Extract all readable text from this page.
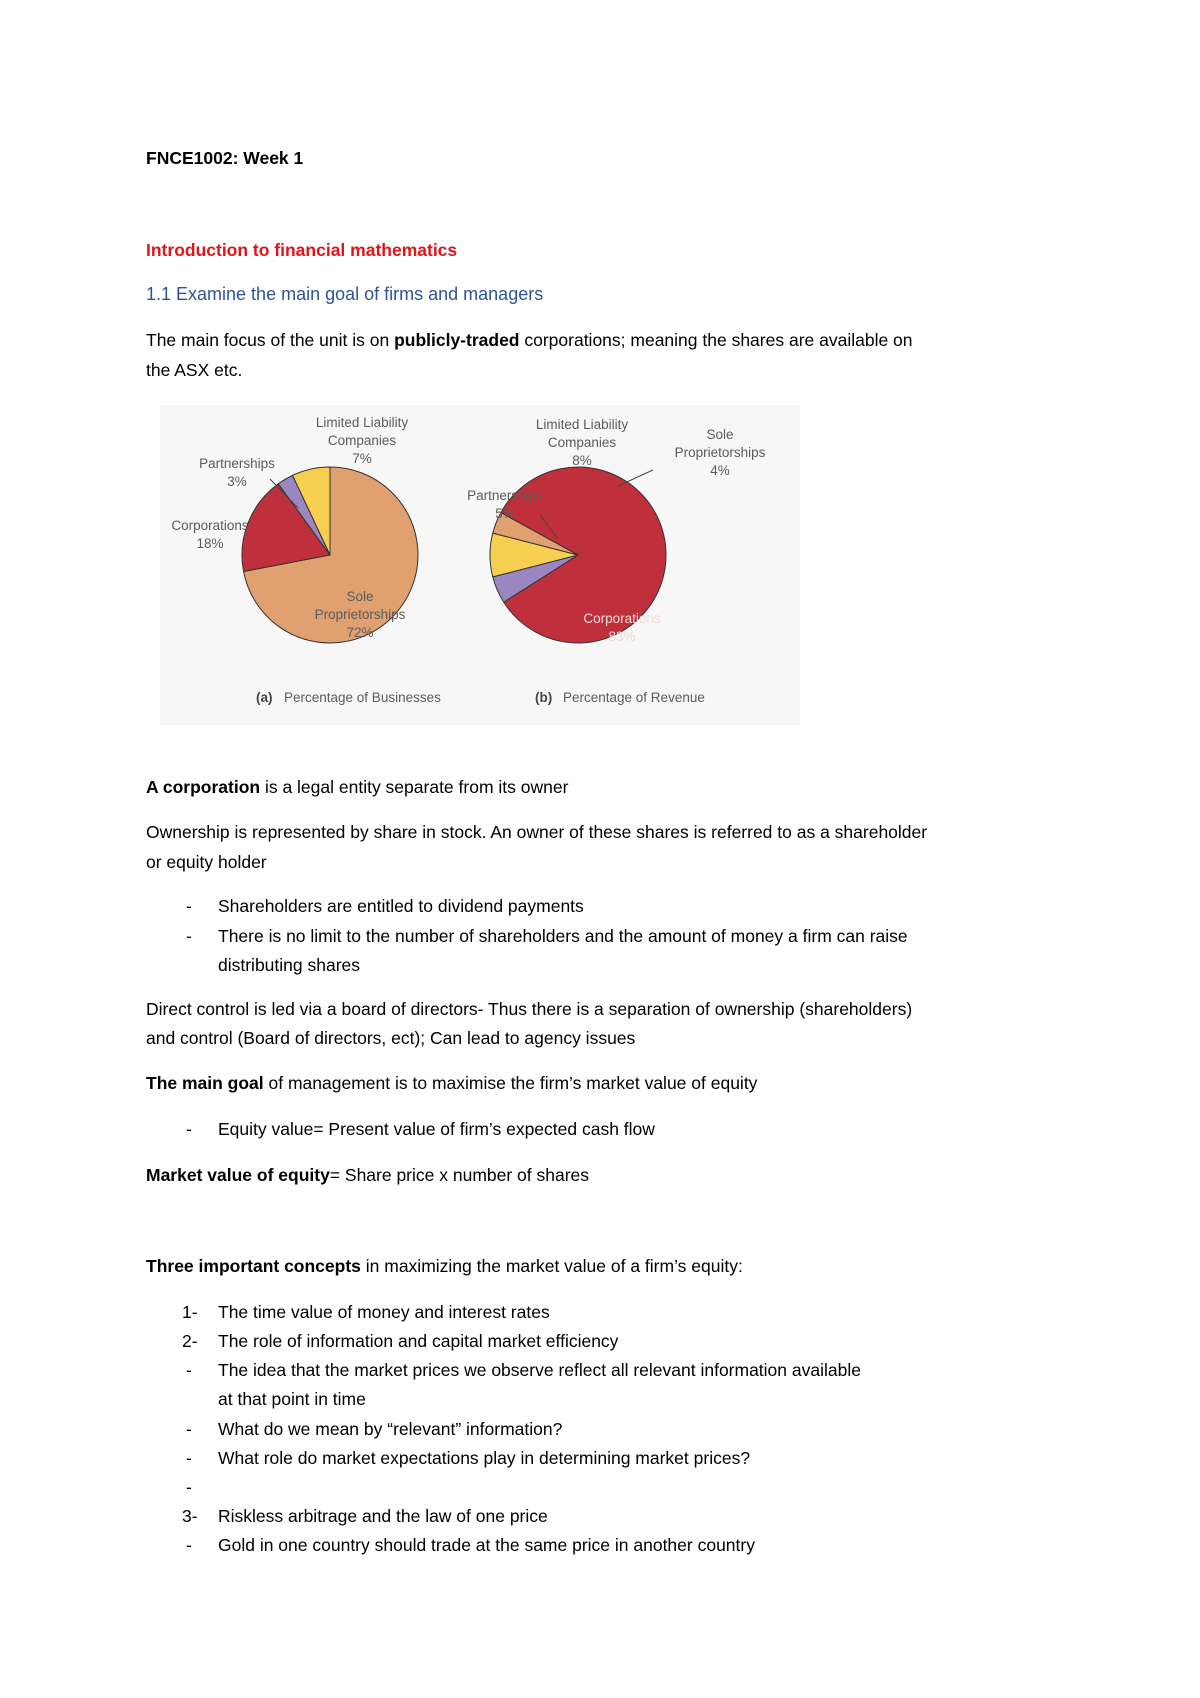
FNCE1002: Week 1
Introduction to financial mathematics
1.1 Examine the main goal of firms and managers
The main focus of the unit is on publicly-traded corporations; meaning the shares are available on
the ASX etc.
Limited Liability
Companies
7%
Partnerships
3%
Corporations
18%
Sole
Proprietorships
72%
Limited Liability
Companies
8%
Sole
Proprietorships
4%
Partnerships
5%
Corporations
83%
(a) Percentage of Businesses	(b) Percentage of Revenue
A corporation is a legal entity separate from its owner
Ownership is represented by share in stock. An owner of these shares is referred to as a shareholder
or equity holder
- Shareholders are entitled to dividend payments
- There is no limit to the number of shareholders and the amount of money a firm can raise
distributing shares
Direct control is led via a board of directors- Thus there is a separation of ownership (shareholders)
and control (Board of directors, ect); Can lead to agency issues
The main goal of management is to maximise the firm’s market value of equity
- Equity value= Present value of firm’s expected cash flow
Market value of equity= Share price x number of shares
Three important concepts in maximizing the market value of a firm’s equity:
1- The time value of money and interest rates
2- The role of information and capital market efficiency
- The idea that the market prices we observe reflect all relevant information available
at that point in time
- What do we mean by “relevant” information?
- What role do market expectations play in determining market prices?
-
3- Riskless arbitrage and the law of one price
- Gold in one country should trade at the same price in another country
